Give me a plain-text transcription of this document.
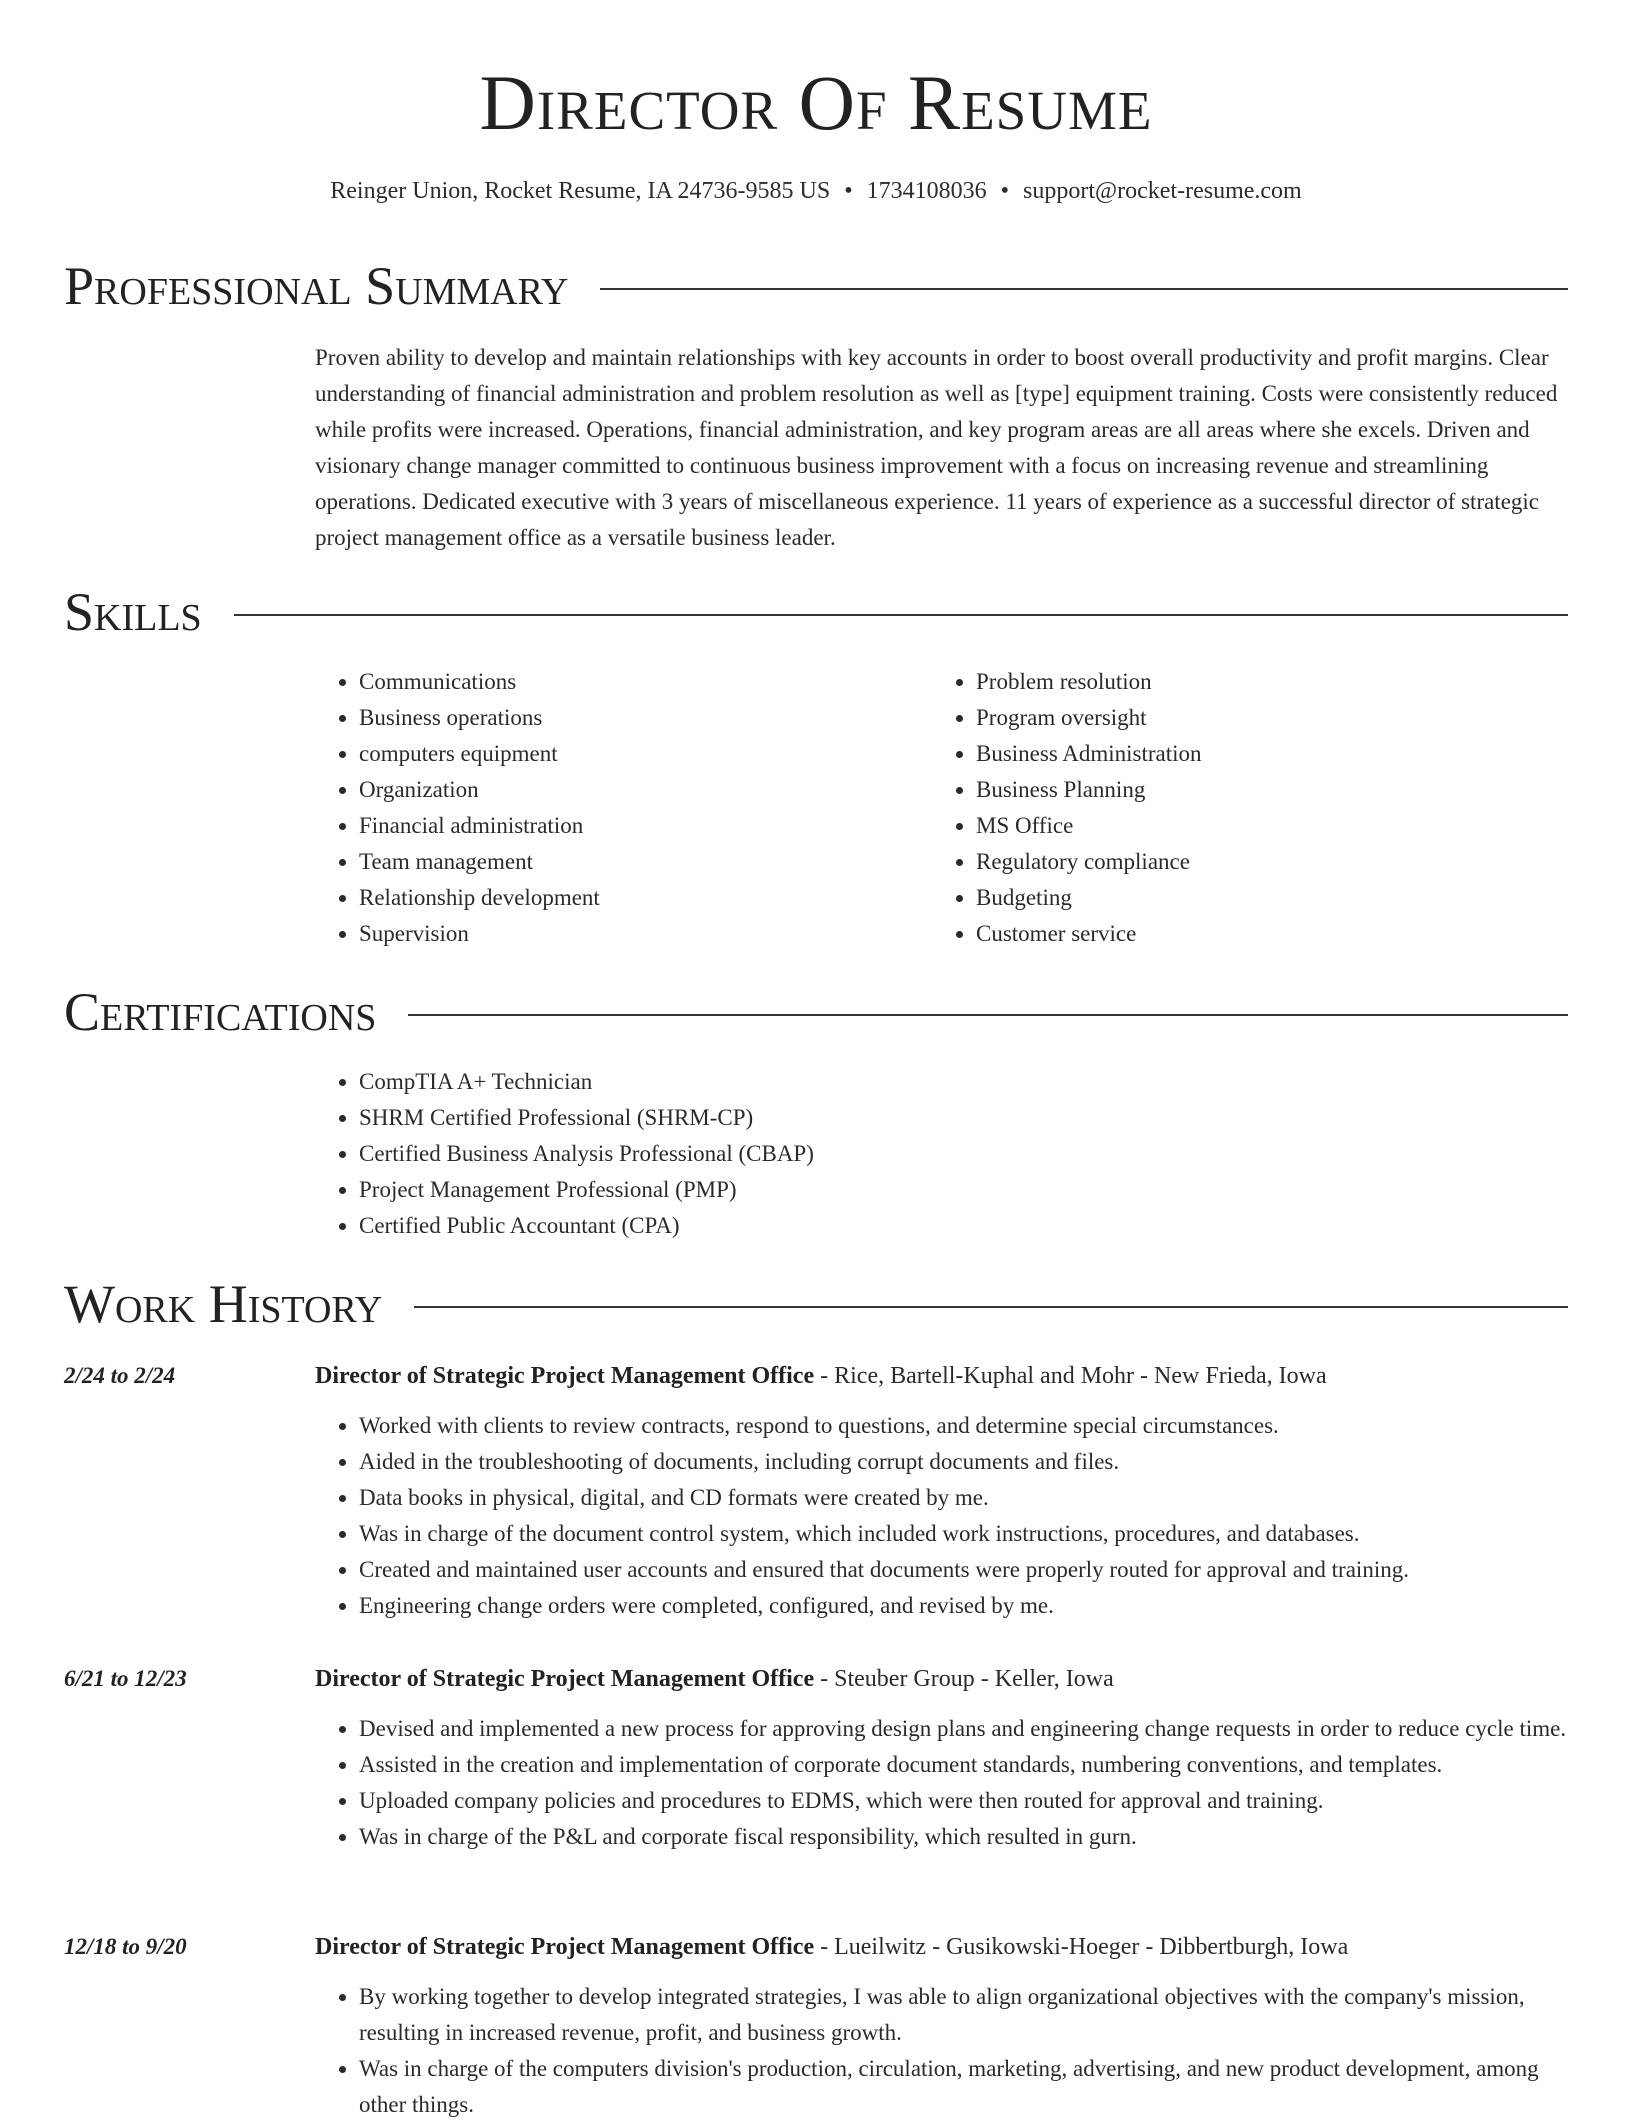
Director Of Resume
Reinger Union, Rocket Resume, IA 24736-9585 US • 1734108036 • support@rocket-resume.com
Professional Summary

Proven ability to develop and maintain relationships with key accounts in order to boost overall productivity and profit margins. Clear understanding of financial administration and problem resolution as well as [type] equipment training. Costs were consistently reduced while profits were increased. Operations, financial administration, and key program areas are all areas where she excels. Driven and visionary change manager committed to continuous business improvement with a focus on increasing revenue and streamlining operations. Dedicated executive with 3 years of miscellaneous experience. 11 years of experience as a successful director of strategic project management office as a versatile business leader.

Skills
• Communications
• Business operations
• computers equipment
• Organization
• Financial administration
• Team management
• Relationship development
• Supervision
• Problem resolution
• Program oversight
• Business Administration
• Business Planning
• MS Office
• Regulatory compliance
• Budgeting
• Customer service
Certifications
• CompTIA A+ Technician
• SHRM Certified Professional (SHRM-CP)
• Certified Business Analysis Professional (CBAP)
• Project Management Professional (PMP)
• Certified Public Accountant (CPA)
Work History
2/24 to 2/24	Director of Strategic Project Management Office - Rice, Bartell-Kuphal and Mohr - New Frieda, Iowa
• Worked with clients to review contracts, respond to questions, and determine special circumstances.
• Aided in the troubleshooting of documents, including corrupt documents and files.
• Data books in physical, digital, and CD formats were created by me.
• Was in charge of the document control system, which included work instructions, procedures, and databases.
• Created and maintained user accounts and ensured that documents were properly routed for approval and training.
• Engineering change orders were completed, configured, and revised by me.
6/21 to 12/23	Director of Strategic Project Management Office - Steuber Group - Keller, Iowa
• Devised and implemented a new process for approving design plans and engineering change requests in order to reduce cycle time.
• Assisted in the creation and implementation of corporate document standards, numbering conventions, and templates.
• Uploaded company policies and procedures to EDMS, which were then routed for approval and training.
• Was in charge of the P&L and corporate fiscal responsibility, which resulted in gurn.
12/18 to 9/20	Director of Strategic Project Management Office - Lueilwitz - Gusikowski-Hoeger - Dibbertburgh, Iowa
• By working together to develop integrated strategies, I was able to align organizational objectives with the company's mission, resulting in increased revenue, profit, and business growth.
• Was in charge of the computers division's production, circulation, marketing, advertising, and new product development, among other things.
